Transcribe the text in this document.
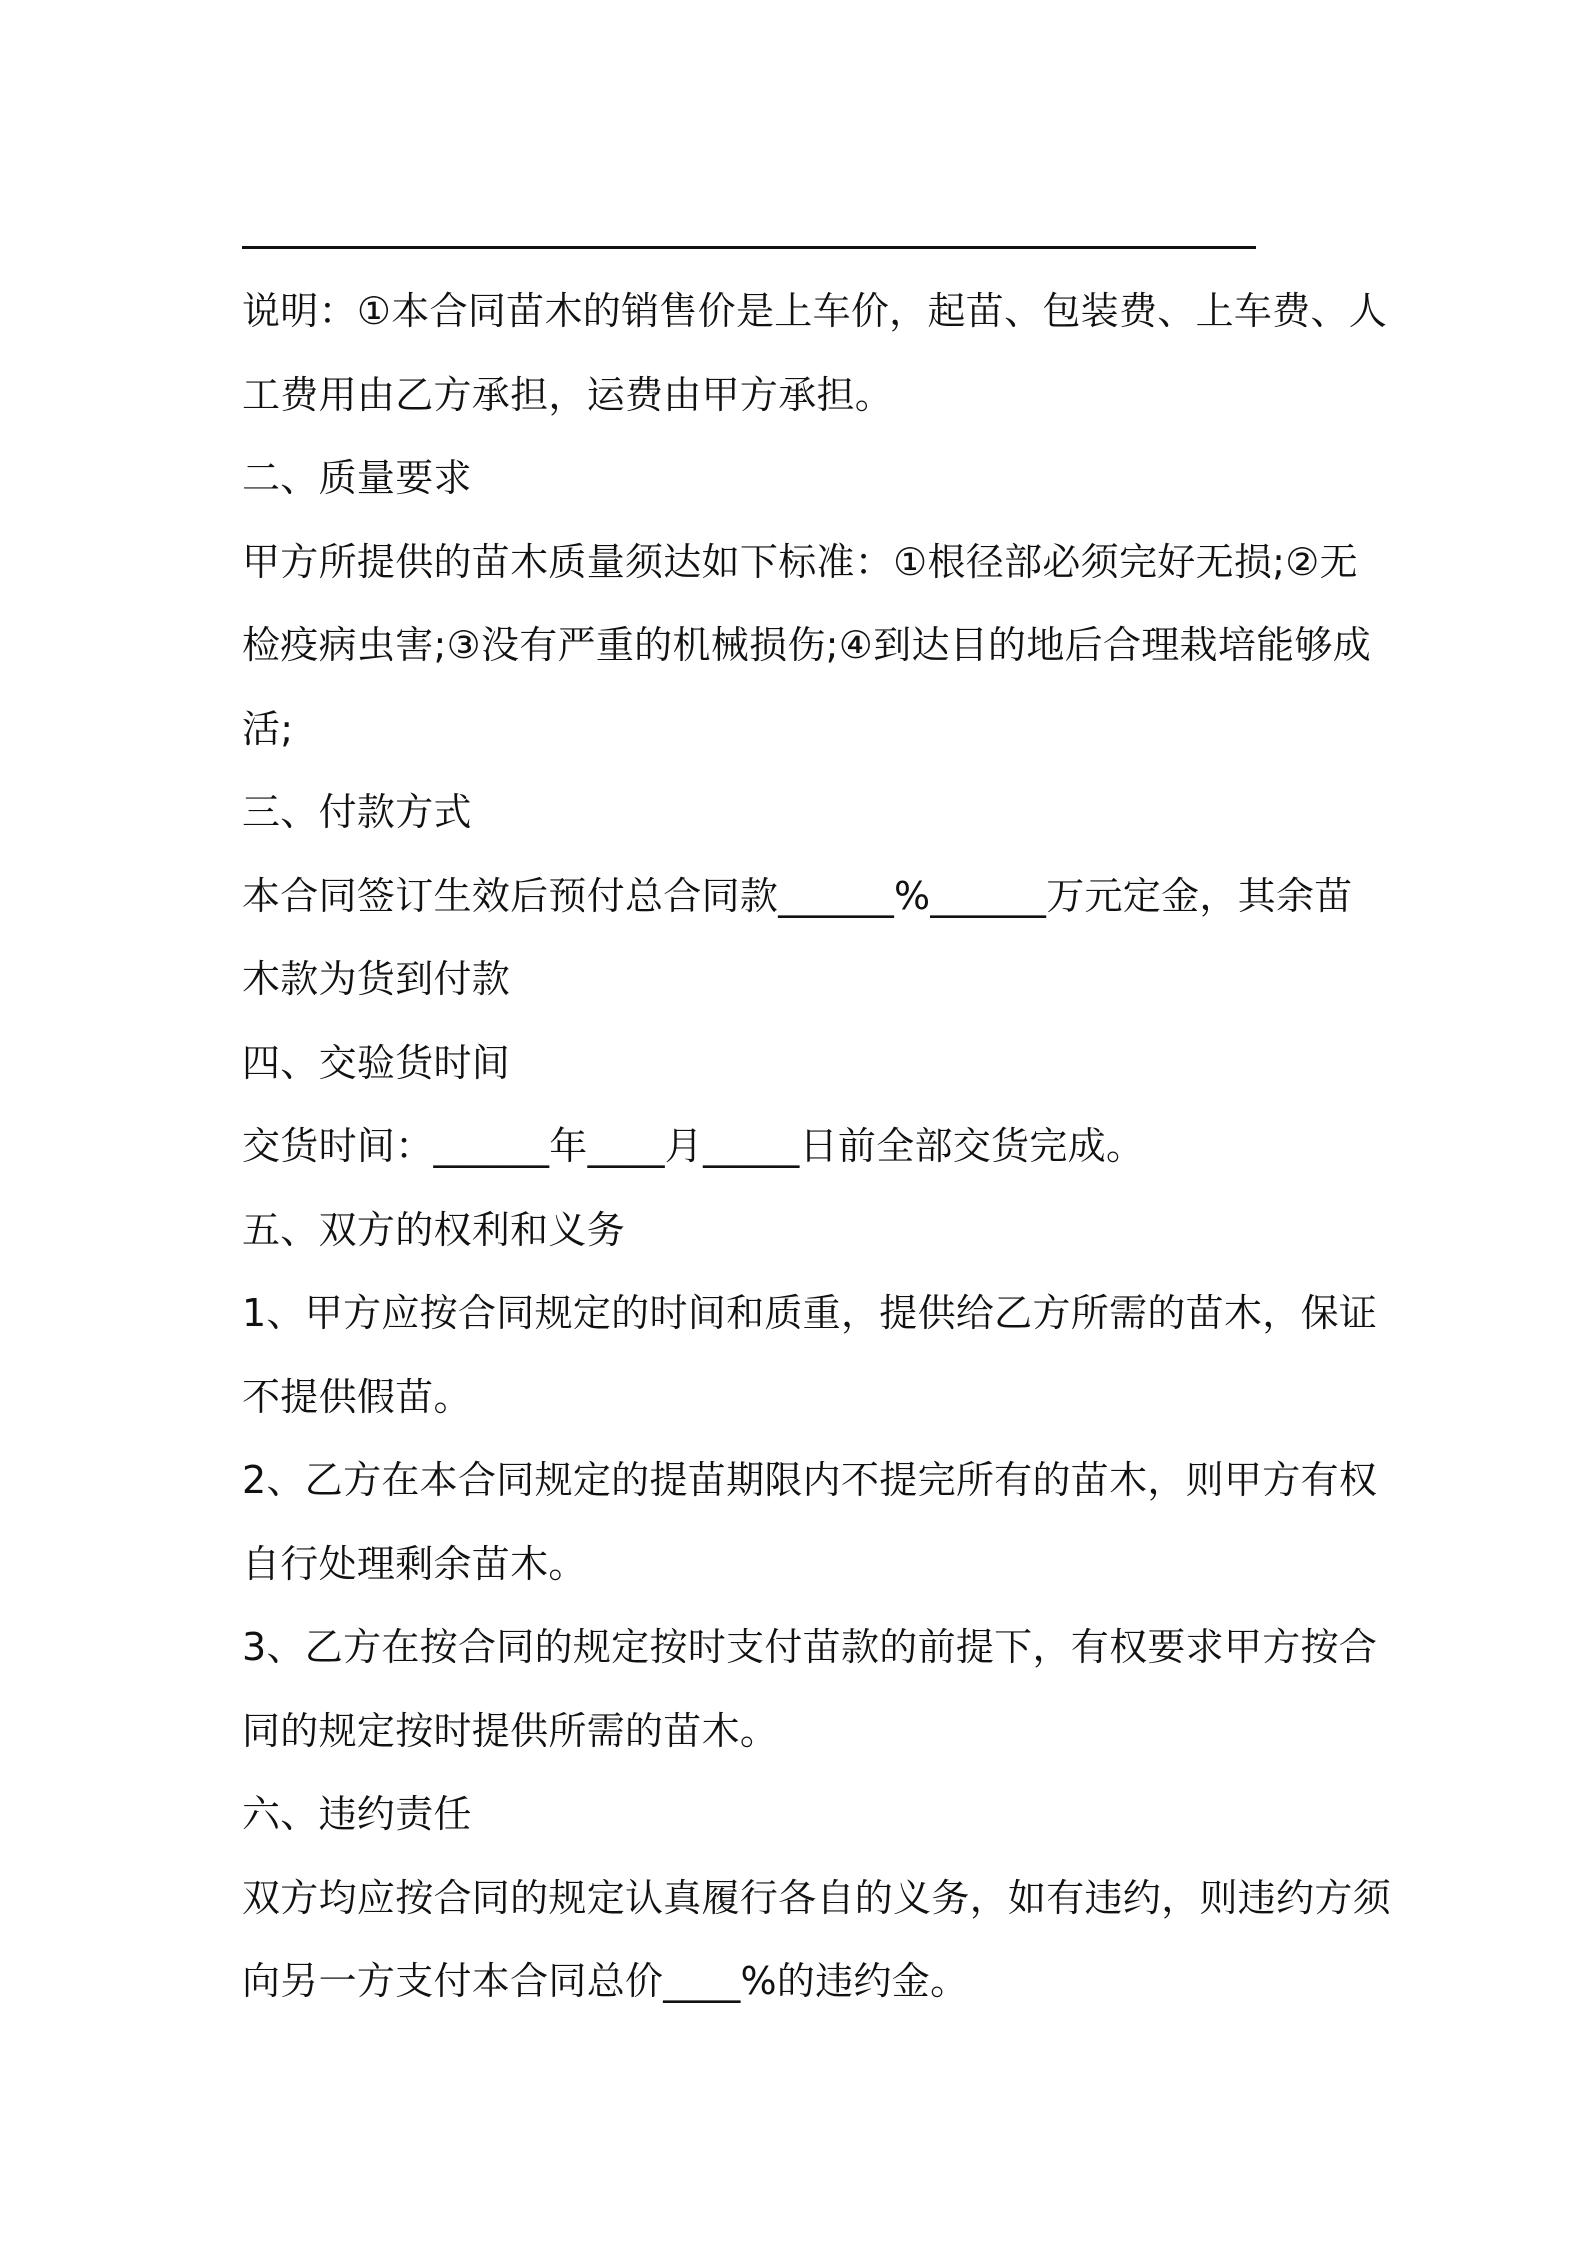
说明：①本合同苗木的销售价是上车价，起苗、包装费、上车费、人
工费用由乙方承担，运费由甲方承担。
二、质量要求
甲方所提供的苗木质量须达如下标准：①根径部必须完好无损;②无
检疫病虫害;③没有严重的机械损伤;④到达目的地后合理栽培能够成
活;
三、付款方式
本合同签订生效后预付总合同款______%______万元定金，其余苗
木款为货到付款
四、交验货时间
交货时间：______年____月_____日前全部交货完成。
五、双方的权利和义务
1、甲方应按合同规定的时间和质重，提供给乙方所需的苗木，保证
不提供假苗。
2、乙方在本合同规定的提苗期限内不提完所有的苗木，则甲方有权
自行处理剩余苗木。
3、乙方在按合同的规定按时支付苗款的前提下，有权要求甲方按合
同的规定按时提供所需的苗木。
六、违约责任
双方均应按合同的规定认真履行各自的义务，如有违约，则违约方须
向另一方支付本合同总价____%的违约金。
